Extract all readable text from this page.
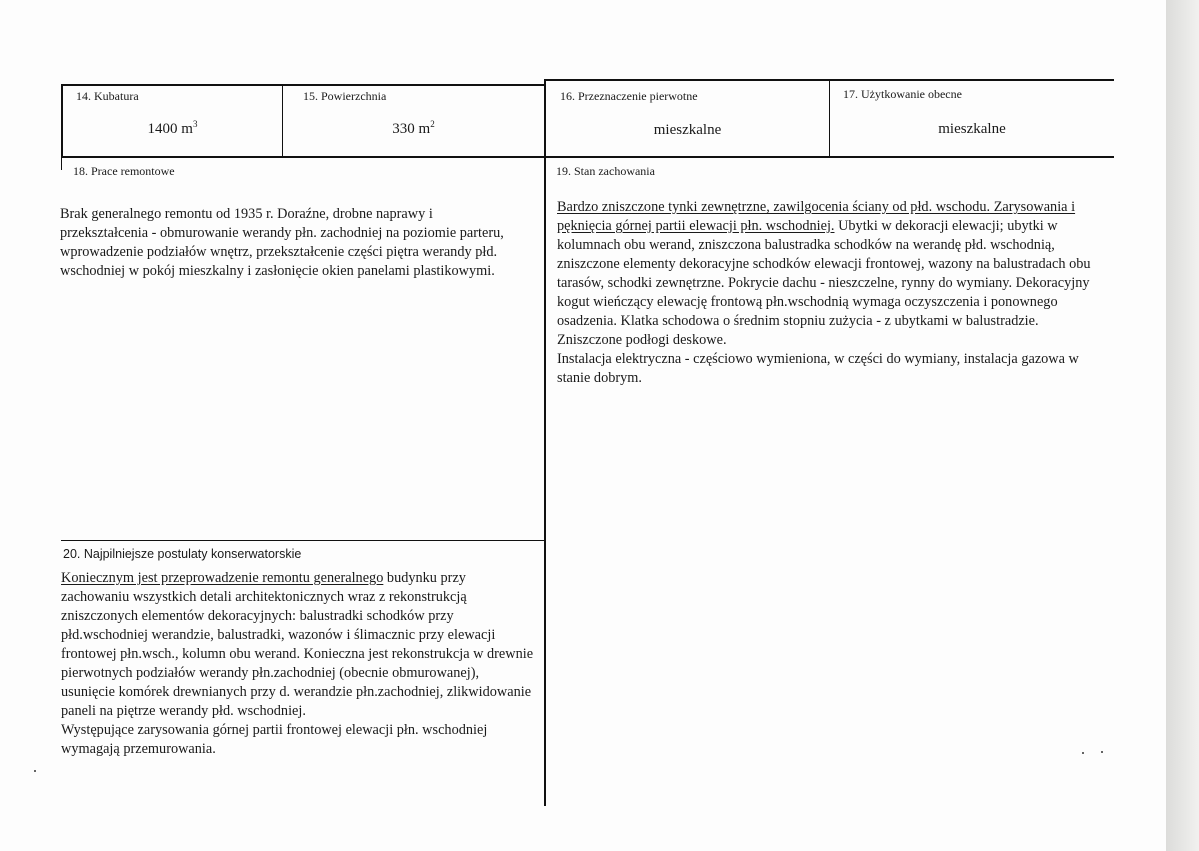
14. Kubatura
1400 $m^3$
15. Powierzchnia
330 $m^2$
16. Przeznaczenie pierwotne
mieszkalne
17. Użytkowanie obecne
mieszkalne
18. Prace remontowe

Brak generalnego remontu od 1935 r. Doraźne, drobne naprawy i przekształcenia - obmurowanie werandy płn. zachodniej na poziomie parteru, wprowadzenie podziałów wnętrz, przekształcenie części piętra werandy płd. wschodniej w pokój mieszkalny i zasłonięcie okien panelami plastikowymi.

19. Stan zachowania

Bardzo zniszczone tynki zewnętrzne, zawilgocenia ściany od płd. wschodu. Zarysowania i pęknięcia górnej partii elewacji płn. wschodniej. Ubytki w dekoracji elewacji; ubytki w kolumnach obu werand, zniszczona balustradka schodków na werandę płd. wschodnią, zniszczone elementy dekoracyjne schodków elewacji frontowej, wazony na balustradach obu tarasów, schodki zewnętrzne. Pokrycie dachu - nieszczelne, rynny do wymiany. Dekoracyjny kogut wieńczący elewację frontową płn.wschodnią wymaga oczyszczenia i ponownego osadzenia. Klatka schodowa o średnim stopniu zużycia - z ubytkami w balustradzie. Zniszczone podłogi deskowe.
Instalacja elektryczna - częściowo wymieniona, w części do wymiany, instalacja gazowa w stanie dobrym.

20. Najpilniejsze postulaty konserwatorskie

Koniecznym jest przeprowadzenie remontu generalnego budynku przy zachowaniu wszystkich detali architektonicznych wraz z rekonstrukcją zniszczonych elementów dekoracyjnych: balustradki schodków przy płd.wschodniej werandzie, balustradki, wazonów i ślimacznic przy elewacji frontowej płn.wsch., kolumn obu werand. Konieczna jest rekonstrukcja w drewnie pierwotnych podziałów werandy płn.zachodniej (obecnie obmurowanej), usunięcie komórek drewnianych przy d. werandzie płn.zachodniej, zlikwidowanie paneli na piętrze werandy płd. wschodniej.
Występujące zarysowania górnej partii frontowej elewacji płn. wschodniej wymagają przemurowania.
